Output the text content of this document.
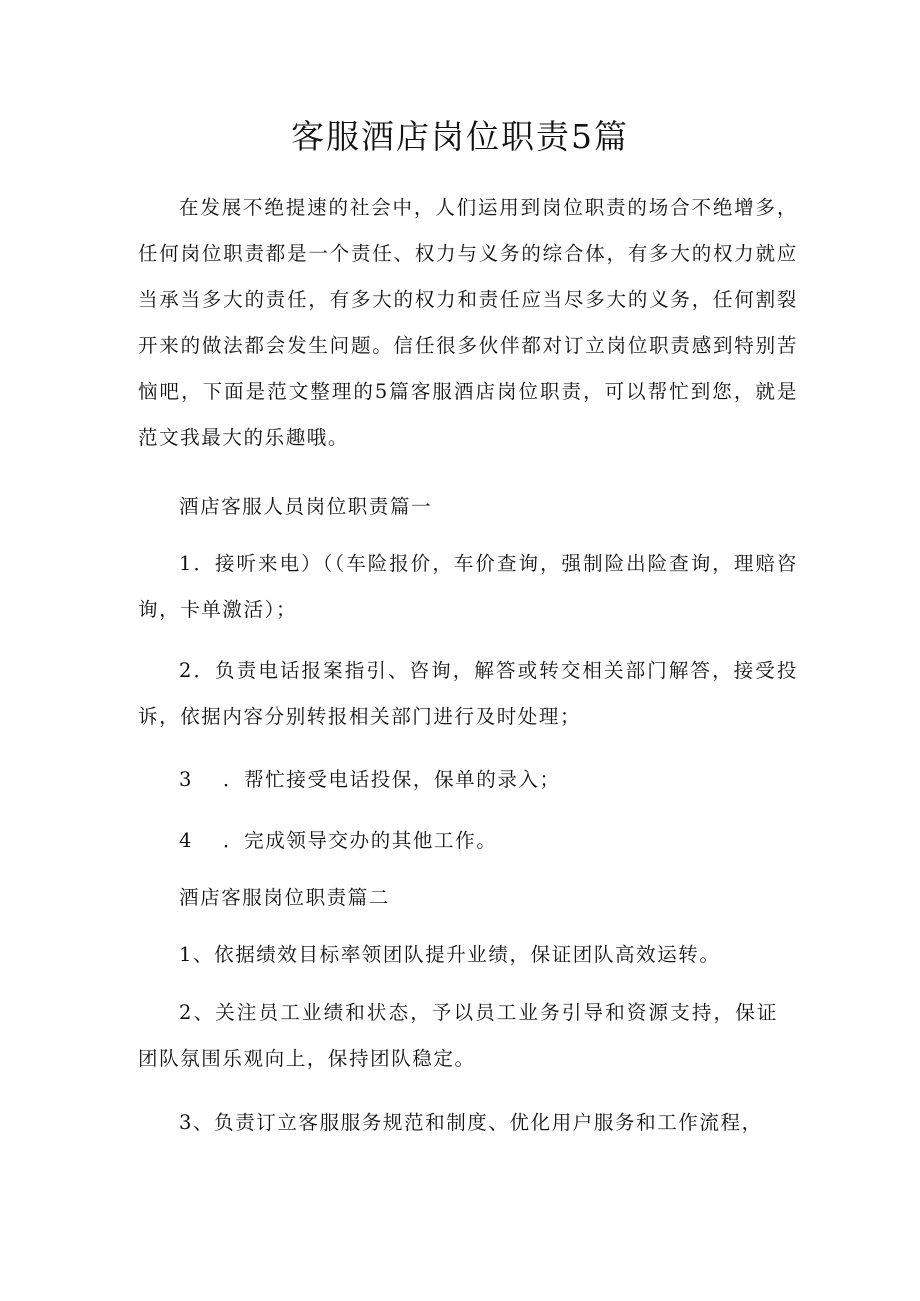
客服酒店岗位职责5篇

在发展不绝提速的社会中，人们运用到岗位职责的场合不绝增多，任何岗位职责都是一个责任、权力与义务的综合体，有多大的权力就应当承当多大的责任，有多大的权力和责任应当尽多大的义务，任何割裂开来的做法都会发生问题。信任很多伙伴都对订立岗位职责感到特别苦恼吧，下面是范文整理的5篇客服酒店岗位职责，可以帮忙到您，就是范文我最大的乐趣哦。

酒店客服人员岗位职责篇一

1．接听来电）（（车险报价，车价查询，强制险出险查询，理赔咨询，卡单激活）；

2．负责电话报案指引、咨询，解答或转交相关部门解答，接受投诉，依据内容分别转报相关部门进行及时处理；

3 ．帮忙接受电话投保，保单的录入；

4 ．完成领导交办的其他工作。

酒店客服岗位职责篇二

1、依据绩效目标率领团队提升业绩，保证团队高效运转。

2、关注员工业绩和状态，予以员工业务引导和资源支持，保证团队氛围乐观向上，保持团队稳定。

3、负责订立客服服务规范和制度、优化用户服务和工作流程，
